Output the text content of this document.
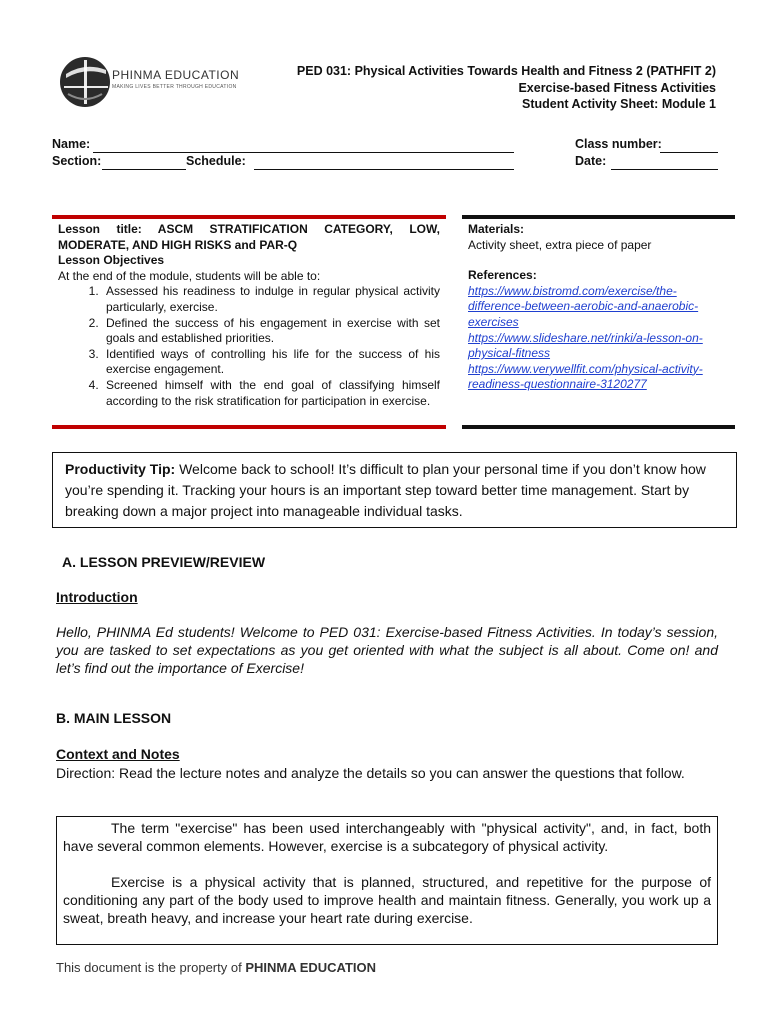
PHINMA EDUCATION
MAKING LIVES BETTER THROUGH EDUCATION
PED 031: Physical Activities Towards Health and Fitness 2 (PATHFIT 2)
Exercise-based Fitness Activities
Student Activity Sheet: Module 1
Name:
Section:	Schedule:
Class number:
Date:
Lesson title: ASCM STRATIFICATION CATEGORY, LOW, MODERATE, AND HIGH RISKS and PAR-Q
Lesson Objectives
At the end of the module, students will be able to:
1. Assessed his readiness to indulge in regular physical activity particularly, exercise.
2. Defined the success of his engagement in exercise with set goals and established priorities.
3. Identified ways of controlling his life for the success of his exercise engagement.
4. Screened himself with the end goal of classifying himself according to the risk stratification for participation in exercise.
Materials:
Activity sheet, extra piece of paper
References:
https://www.bistromd.com/exercise/the-difference-between-aerobic-and-anaerobic-exercises
https://www.slideshare.net/rinki/a-lesson-on-physical-fitness
https://www.verywellfit.com/physical-activity-readiness-questionnaire-3120277
Productivity Tip: Welcome back to school! It’s difficult to plan your personal time if you don’t know how you’re spending it. Tracking your hours is an important step toward better time management. Start by breaking down a major project into manageable individual tasks.
A. LESSON PREVIEW/REVIEW
Introduction
Hello, PHINMA Ed students! Welcome to PED 031: Exercise-based Fitness Activities. In today’s session, you are tasked to set expectations as you get oriented with what the subject is all about. Come on! and let’s find out the importance of Exercise!
B. MAIN LESSON
Context and Notes
Direction: Read the lecture notes and analyze the details so you can answer the questions that follow.

The term "exercise" has been used interchangeably with "physical activity", and, in fact, both have several common elements. However, exercise is a subcategory of physical activity.

Exercise is a physical activity that is planned, structured, and repetitive for the purpose of conditioning any part of the body used to improve health and maintain fitness. Generally, you work up a sweat, breath heavy, and increase your heart rate during exercise.

This document is the property of PHINMA EDUCATION
